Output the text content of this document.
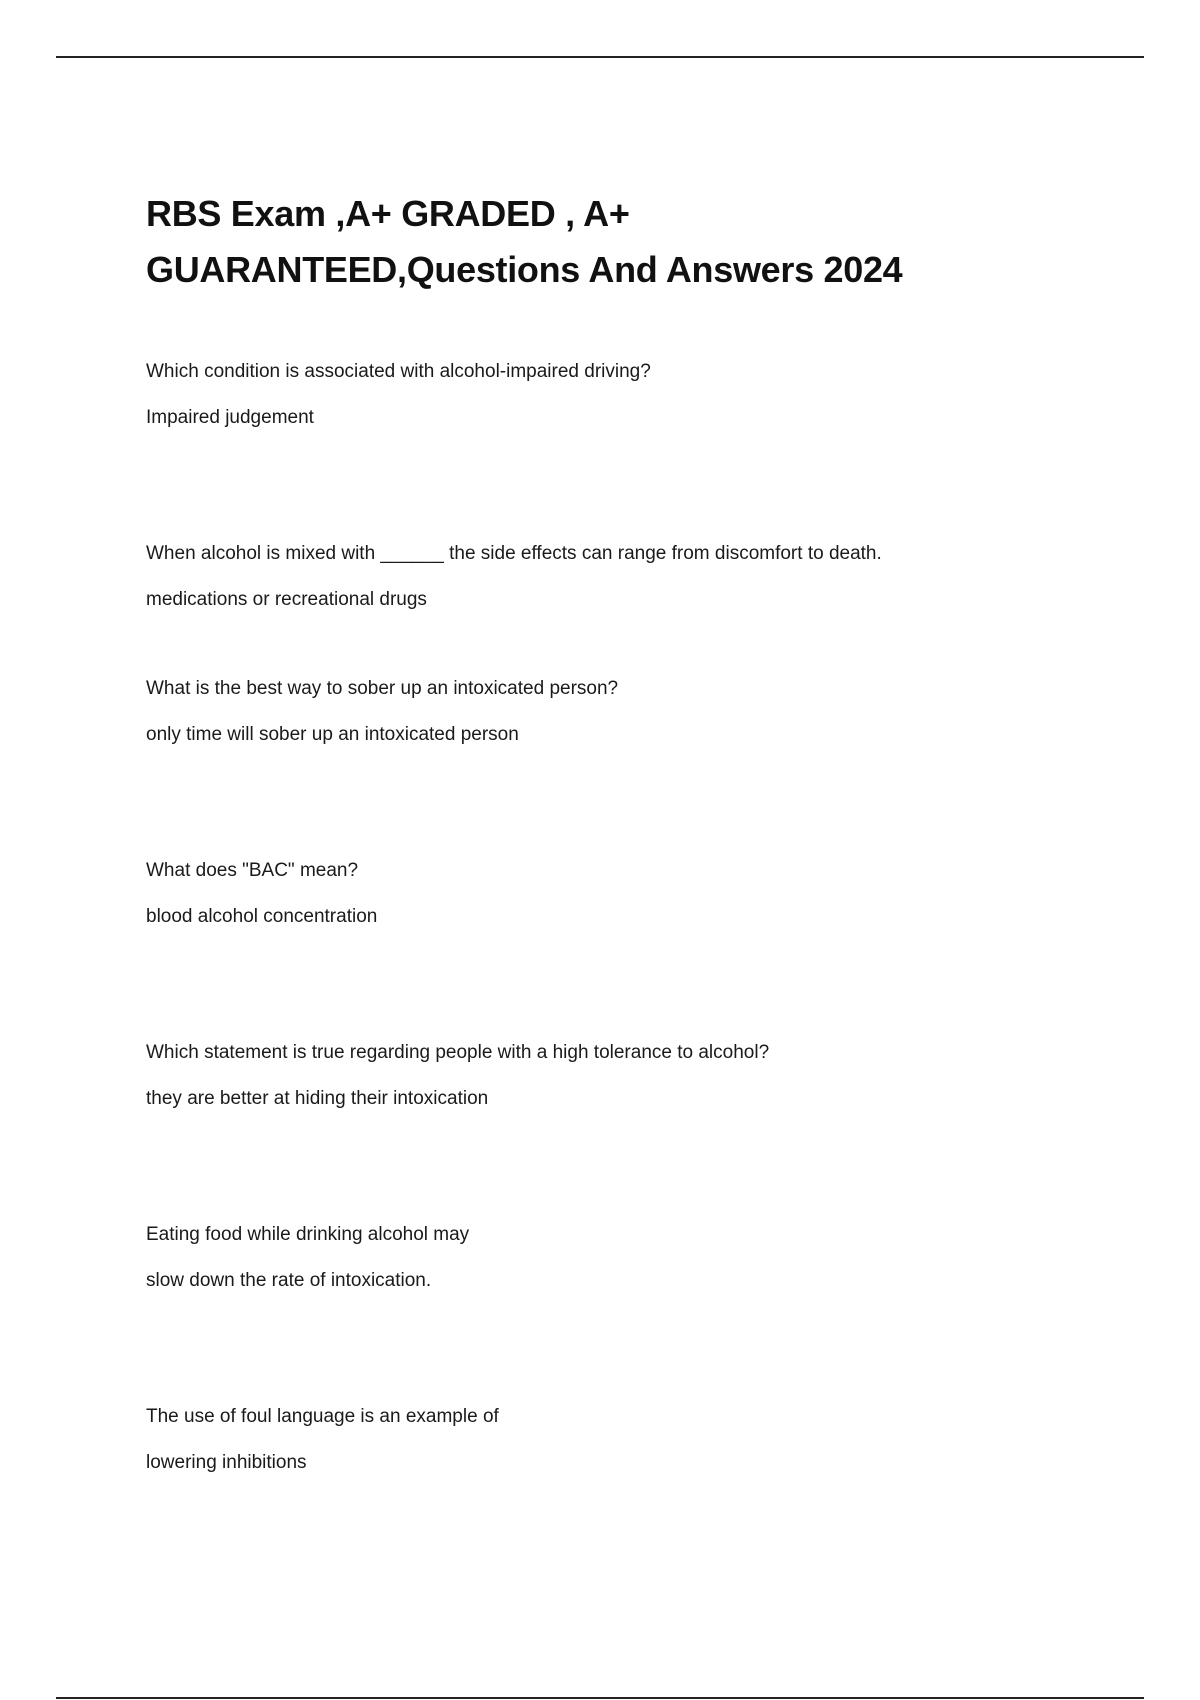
RBS Exam ,A+ GRADED , A+ GUARANTEED,Questions And Answers 2024

Which condition is associated with alcohol-impaired driving?

Impaired judgement

When alcohol is mixed with ______ the side effects can range from discomfort to death.

medications or recreational drugs

What is the best way to sober up an intoxicated person?

only time will sober up an intoxicated person

What does "BAC" mean?

blood alcohol concentration

Which statement is true regarding people with a high tolerance to alcohol?

they are better at hiding their intoxication

Eating food while drinking alcohol may

slow down the rate of intoxication.

The use of foul language is an example of

lowering inhibitions
